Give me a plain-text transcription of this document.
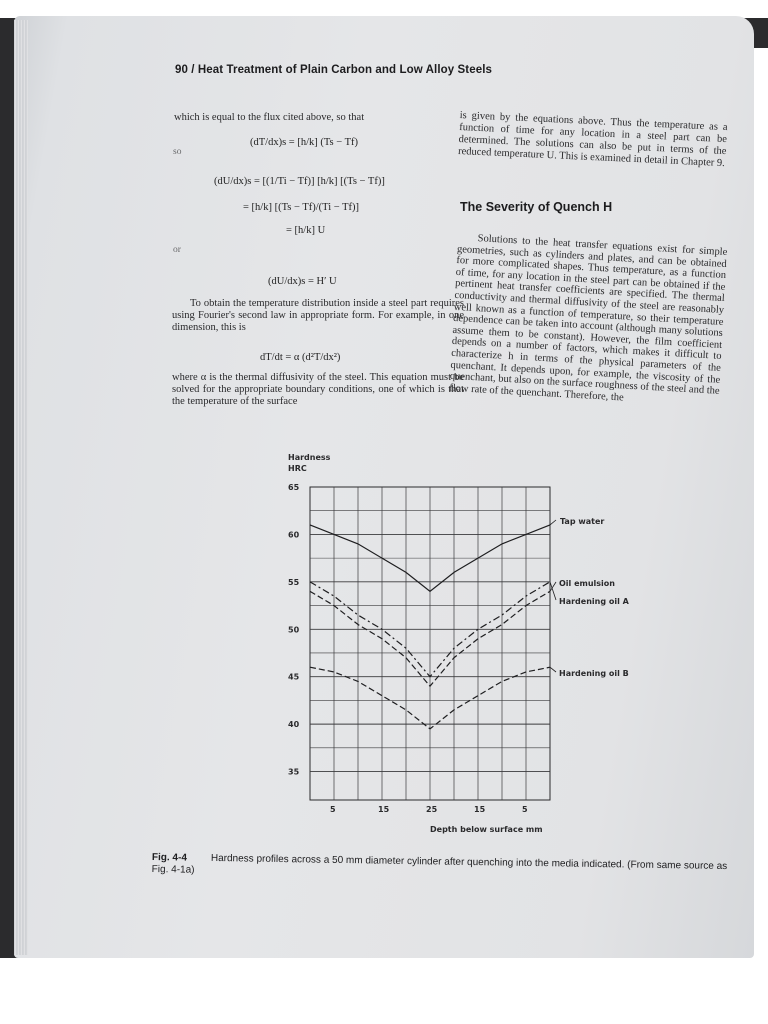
90 / Heat Treatment of Plain Carbon and Low Alloy Steels
which is equal to the flux cited above, so that
(dT/dx)s = [h/k] (Ts − Tf)
so
(dU/dx)s = [(1/Ti − Tf)] [h/k] [(Ts − Tf)]
= [h/k] [(Ts − Tf)/(Ti − Tf)]
= [h/k] U
or
(dU/dx)s = H′ U
To obtain the temperature distribution inside a steel part requires using Fourier's second law in appropriate form. For example, in one dimension, this is
dT/dt = α (d²T/dx²)
where α is the thermal diffusivity of the steel. This equation must be solved for the appropriate boundary conditions, one of which is that the temperature of the surface
is given by the equations above. Thus the temperature as a function of time for any location in a steel part can be determined. The solutions can also be put in terms of the reduced temperature U. This is examined in detail in Chapter 9.
The Severity of Quench H
Solutions to the heat transfer equations exist for simple geometries, such as cylinders and plates, and can be obtained for more complicated shapes. Thus temperature, as a function of time, for any location in the steel part can be obtained if the pertinent heat transfer coefficients are specified. The thermal conductivity and thermal diffusivity of the steel are reasonably well known as a function of temperature, so their temperature dependence can be taken into account (although many solutions assume them to be constant). However, the film coefficient depends on a number of factors, which makes it difficult to characterize h in terms of the physical parameters of the quenchant. It depends upon, for example, the viscosity of the quenchant, but also on the surface roughness of the steel and the flow rate of the quenchant. Therefore, the
65
60
55
50
45
40
35
5	15	25	15	5
Hardness
HRC
Depth below surface mm
Tap water
Oil emulsion
Hardening oil A
Hardening oil B
Fig. 4-4 Hardness profiles across a 50 mm diameter cylinder after quenching into the media indicated. (From same source as Fig. 4-1a)
